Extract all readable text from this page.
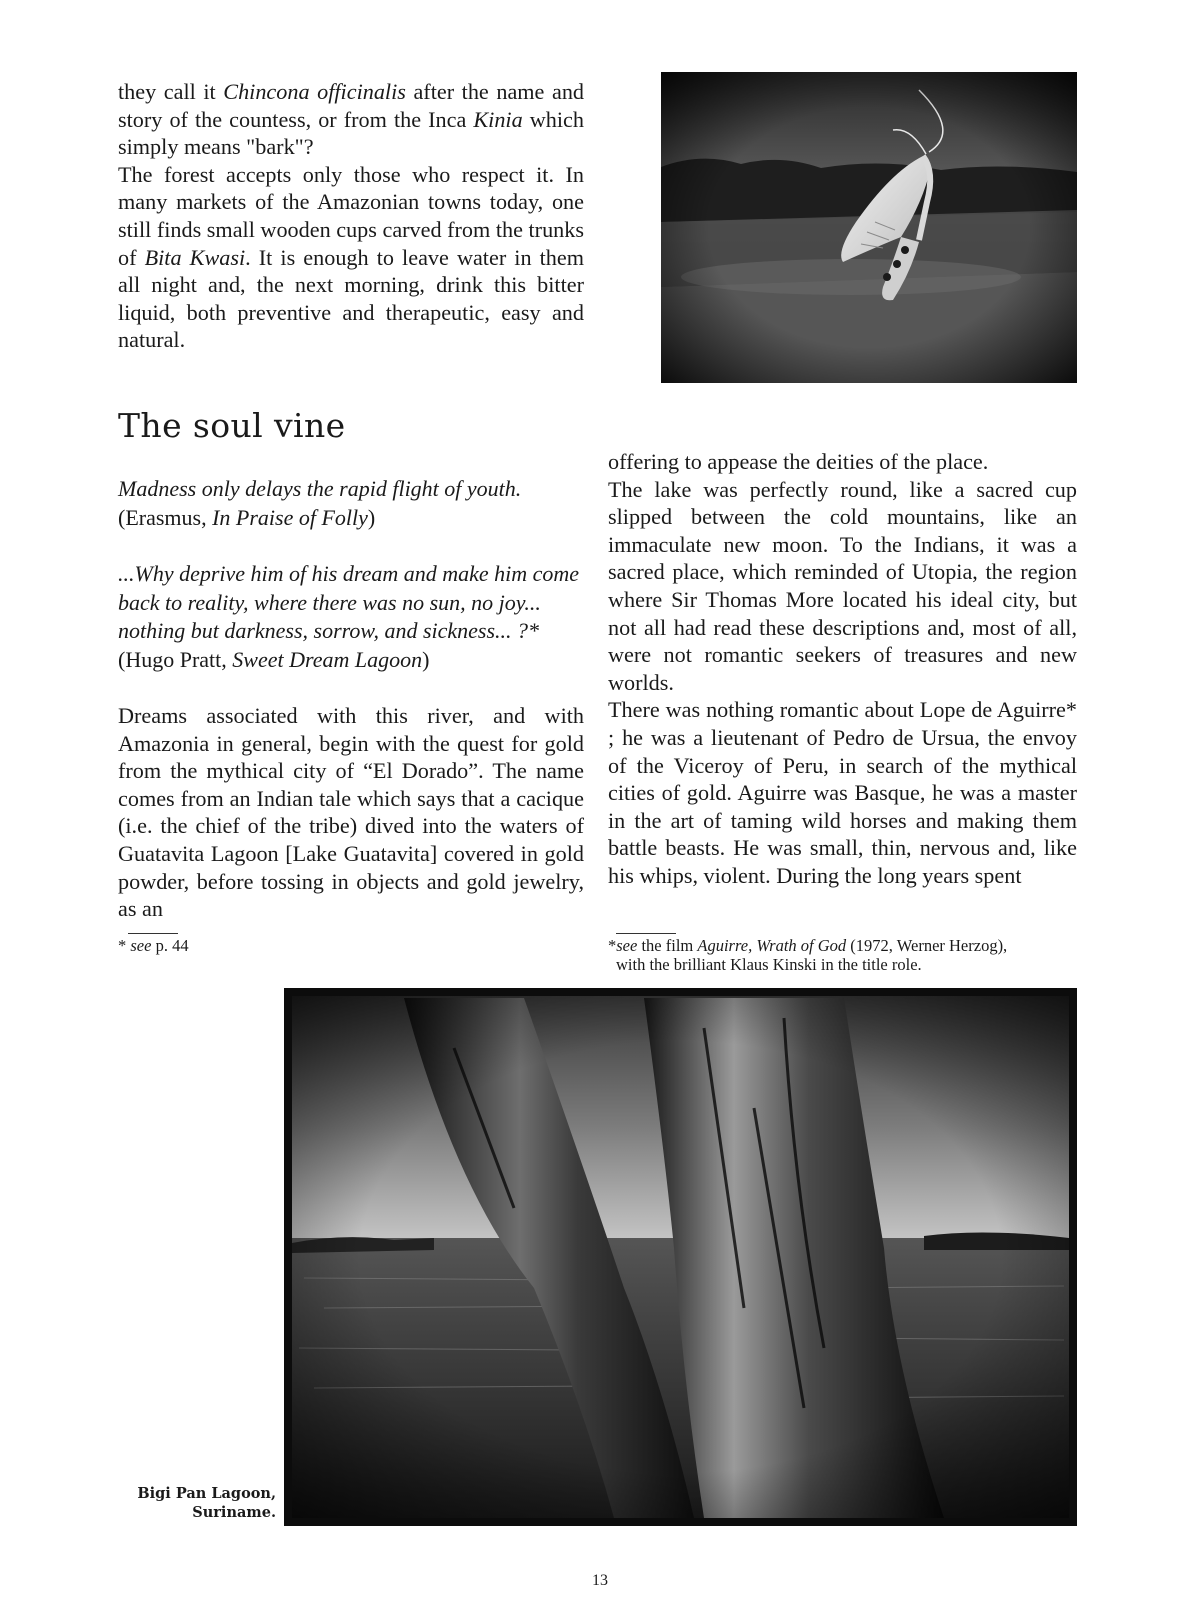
they call it Chincona officinalis after the name and story of the countess, or from the Inca Kinia which simply means "bark"?

The forest accepts only those who respect it. In many markets of the Amazonian towns today, one still finds small wooden cups carved from the trunks of Bita Kwasi. It is enough to leave water in them all night and, the next morning, drink this bitter liquid, both preventive and therapeutic, easy and natural.

The soul vine

Madness only delays the rapid flight of youth.

(Erasmus, In Praise of Folly)

...Why deprive him of his dream and make him come

back to reality, where there was no sun, no joy...

nothing but darkness, sorrow, and sickness... ?*

(Hugo Pratt, Sweet Dream Lagoon)

Dreams associated with this river, and with Amazonia in general, begin with the quest for gold from the mythical city of “El Dorado”. The name comes from an Indian tale which says that a cacique (i.e. the chief of the tribe) dived into the waters of Guatavita Lagoon [Lake Guatavita] covered in gold powder, before tossing in objects and gold jewelry, as an

offering to appease the deities of the place.

The lake was perfectly round, like a sacred cup slipped between the cold mountains, like an immaculate new moon. To the Indians, it was a sacred place, which reminded of Utopia, the region where Sir Thomas More located his ideal city, but not all had read these descriptions and, most of all, were not romantic seekers of treasures and new worlds.

There was nothing romantic about Lope de Aguirre* ; he was a lieutenant of Pedro de Ursua, the envoy of the Viceroy of Peru, in search of the mythical cities of gold. Aguirre was Basque, he was a master in the art of taming wild horses and making them battle beasts. He was small, thin, nervous and, like his whips, violent. During the long years spent

* see p. 44	*see the film Aguirre, Wrath of God (1972, Werner Herzog),
with the brilliant Klaus Kinski in the title role.
Bigi Pan Lagoon,
Suriname.
13
